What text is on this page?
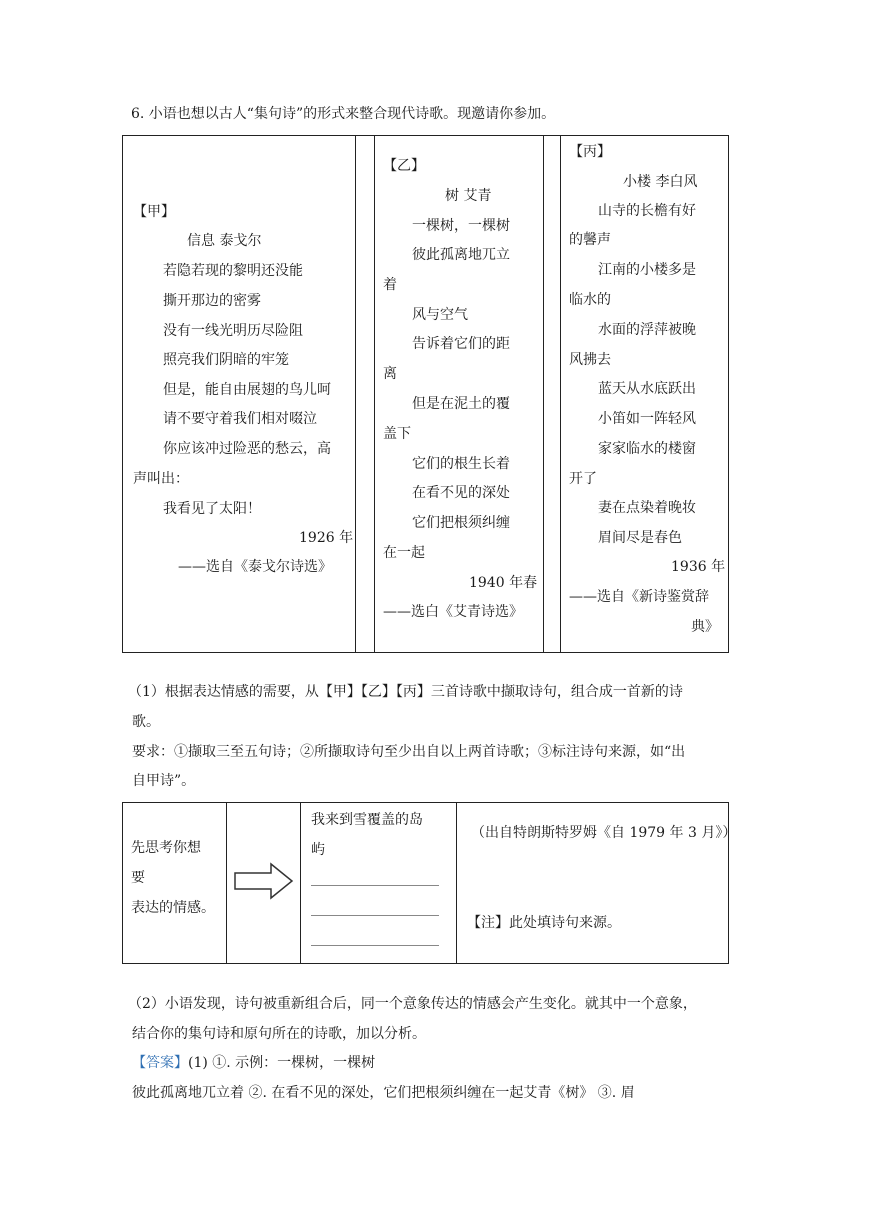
6. 小语也想以古人“集句诗”的形式来整合现代诗歌。现邀请你参加。
【甲】
信息 泰戈尔
若隐若现的黎明还没能
撕开那边的密雾
没有一线光明历尽险阻
照亮我们阴暗的牢笼
但是，能自由展翅的鸟儿呵
请不要守着我们相对啜泣
你应该冲过险恶的愁云，高
声叫出：
我看见了太阳！
1926 年
——选自《泰戈尔诗选》
【乙】
树 艾青
一棵树，一棵树
彼此孤离地兀立
着
风与空气
告诉着它们的距
离
但是在泥土的覆
盖下
它们的根生长着
在看不见的深处
它们把根须纠缠
在一起
1940 年春
——选白《艾青诗选》
【丙】
小楼 李白风
山寺的长檐有好
的馨声
江南的小楼多是
临水的
水面的浮萍被晚
风拂去
蓝天从水底跃出
小笛如一阵轻风
家家临水的楼窗
开了
妻在点染着晚妆
眉间尽是春色
1936 年
——选自《新诗鉴赏辞
典》
（1）根据表达情感的需要，从【甲】【乙】【丙】三首诗歌中撷取诗句，组合成一首新的诗
歌。
要求：①撷取三至五句诗；②所撷取诗句至少出自以上两首诗歌；③标注诗句来源，如“出
自甲诗”。
先思考你想
要
表达的情感。
我来到雪覆盖的岛
屿
（出自特朗斯特罗姆《自 1979 年 3 月》）
【注】此处填诗句来源。
（2）小语发现，诗句被重新组合后，同一个意象传达的情感会产生变化。就其中一个意象，
结合你的集句诗和原句所在的诗歌，加以分析。
【答案】(1) ①. 示例：一棵树，一棵树
彼此孤离地兀立着 ②. 在看不见的深处，它们把根须纠缠在一起艾青《树》 ③. 眉
